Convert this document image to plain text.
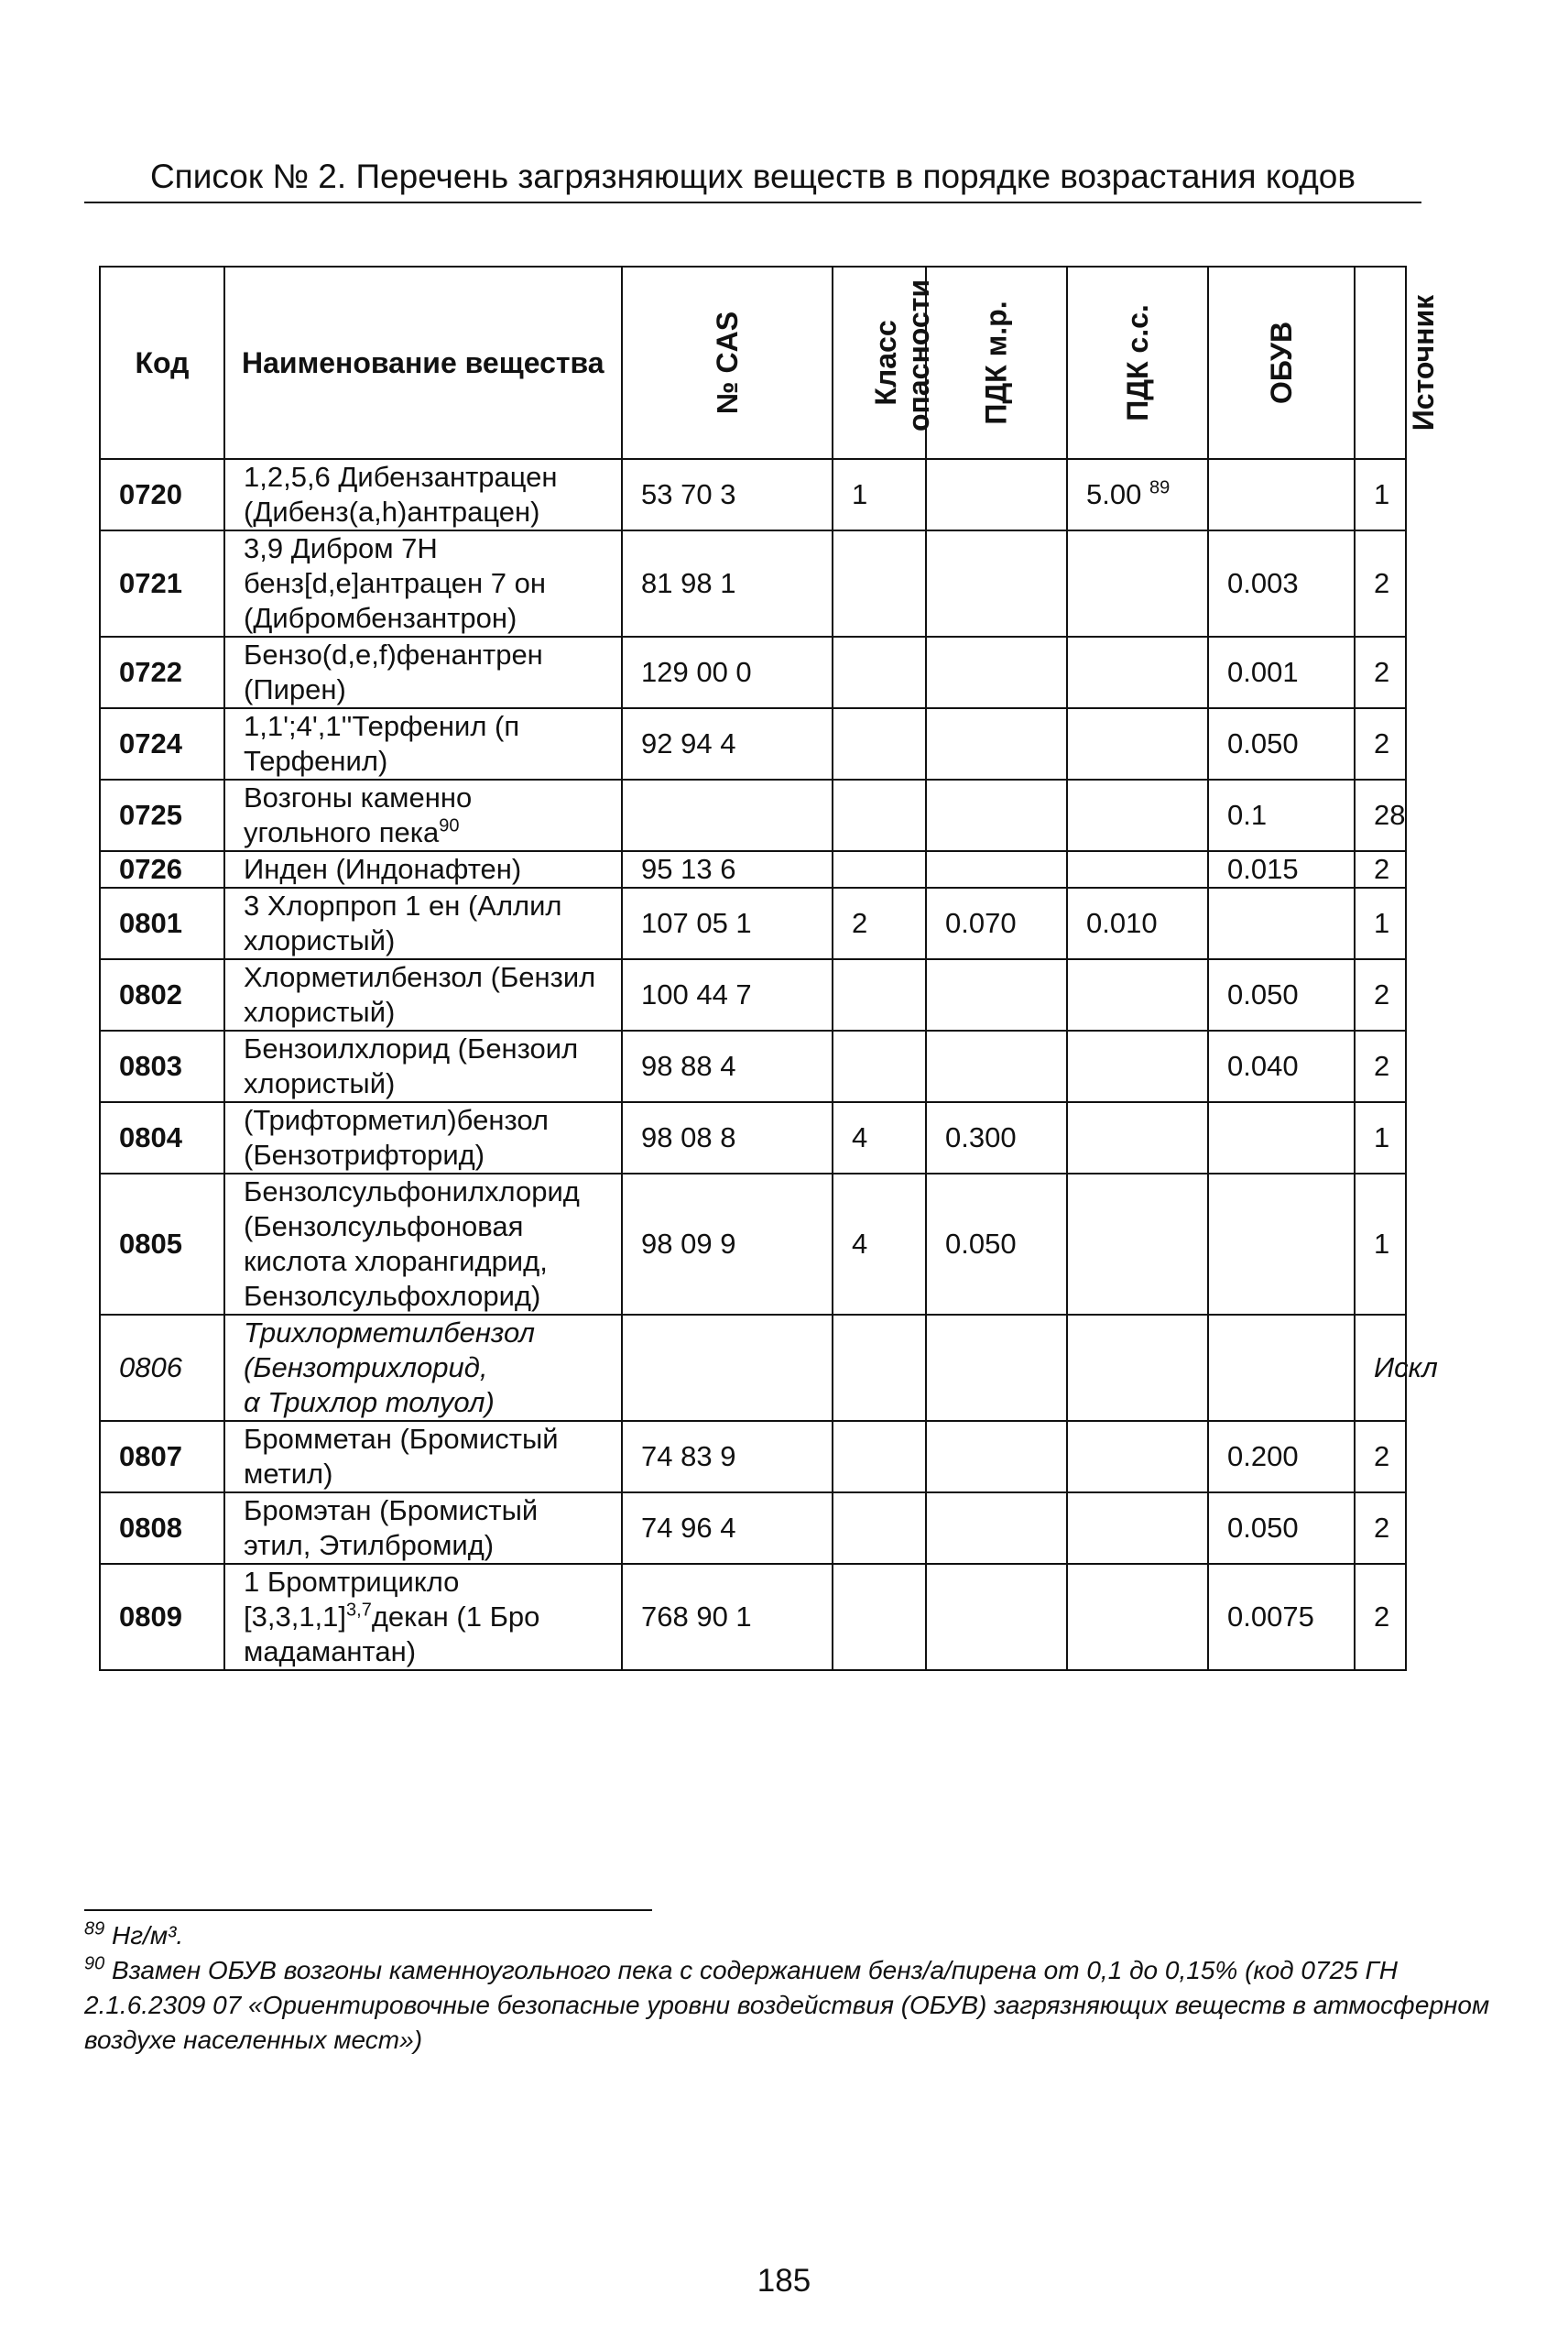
Список № 2. Перечень загрязняющих веществ в порядке возрастания кодов
Код	Наименование вещества	№ CAS	Класс опасности	ПДК м.р.	ПДК с.с.	ОБУВ	Источник
0720	1,2,5,6 Дибензантрацен
(Дибенз(a,h)антрацен)	53 70 3	1		5.00 $^{89}$		1
0721	3,9 Дибром 7Н
бенз[d,e]антрацен 7 он
(Дибромбензантрон)	81 98 1				0.003	2
0722	Бензо(d,e,f)фенантрен
(Пирен)	129 00 0				0.001	2
0724	1,1';4',1''Терфенил (п
Терфенил)	92 94 4				0.050	2
0725	Возгоны каменно
угольного пека$^{90}$					0.1	28
0726	Инден (Индонафтен)	95 13 6				0.015	2
0801	3 Хлорпроп 1 ен (Аллил
хлористый)	107 05 1	2	0.070	0.010		1
0802	Хлорметилбензол (Бензил
хлористый)	100 44 7				0.050	2
0803	Бензоилхлорид (Бензоил
хлористый)	98 88 4				0.040	2
0804	(Трифторметил)бензол
(Бензотрифторид)	98 08 8	4	0.300			1
0805	Бензолсульфонилхлорид
(Бензолсульфоновая
кислота хлорангидрид,
Бензолсульфохлорид)	98 09 9	4	0.050			1
0806	Трихлорметилбензол
(Бензотрихлорид,
α Трихлор толуол)						Искл
0807	Бромметан (Бромистый
метил)	74 83 9				0.200	2
0808	Бромэтан (Бромистый
этил, Этилбромид)	74 96 4				0.050	2
0809	1 Бромтрицикло
$[3,3,1,1]^{3,7}декан$ (1 Бро
мадамантан)	768 90 1				0.0075	2

$^{89}$ Нг/м³.

$^{90}$ Взамен ОБУВ возгоны каменноугольного пека с содержанием бенз/а/пирена от 0,1 до 0,15% (код 0725 ГН 2.1.6.2309 07 «Ориентировочные безопасные уровни воздействия (ОБУВ) загрязняющих веществ в атмосферном воздухе населенных мест»)

185
